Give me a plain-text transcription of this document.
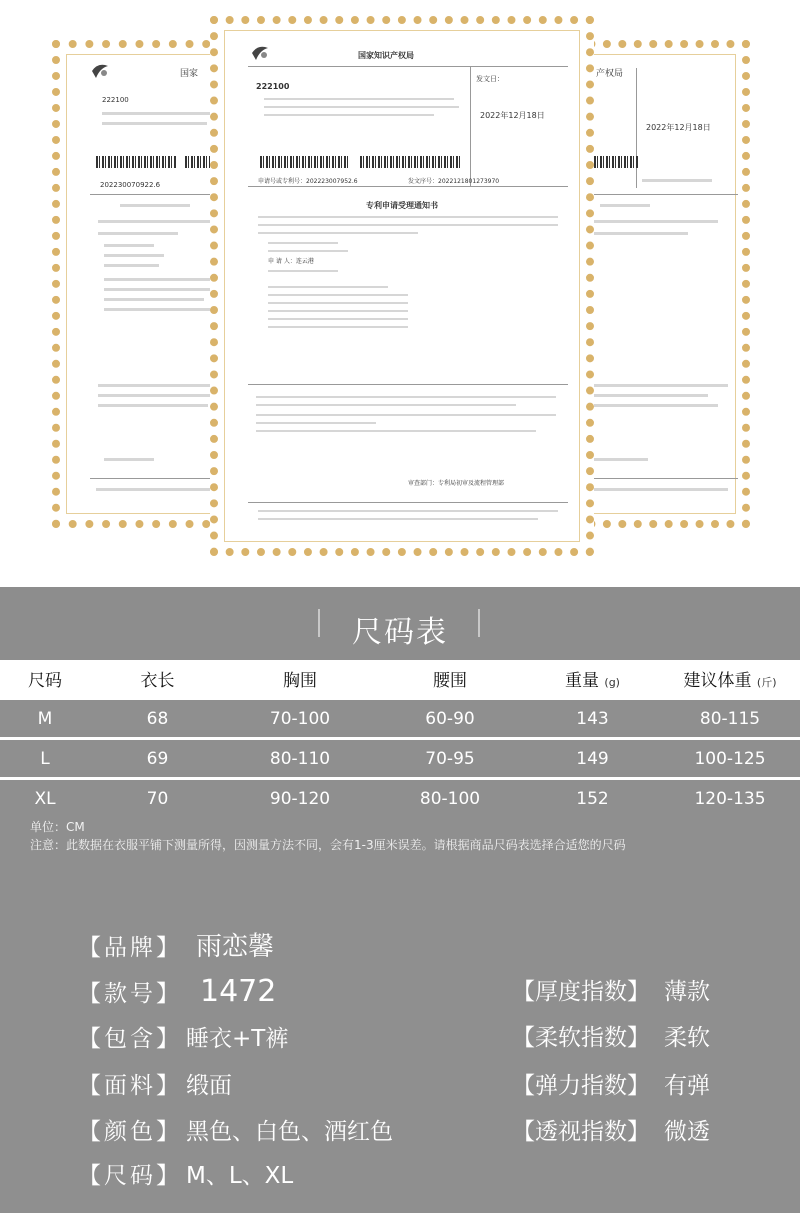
国家
222100
202230070922.6
产权局
2022年12月18日
国家知识产权局
222100
发文日：
2022年12月18日
申请号或专利号：202223007952.6	发文序号：2022121801273970
专利申请受理通知书
申 请 人：连云港
审查部门：专利局初审及流程管理部
尺码表
尺码	衣长	胸围	腰围	重量 (g)	建议体重 (斤)
M	68	70-100	60-90	143	80-115
L	69	80-110	70-95	149	100-125
XL	70	90-120	80-100	152	120-135
单位：CM
注意：此数据在衣服平铺下测量所得，因测量方法不同，会有1-3厘米误差。请根据商品尺码表选择合适您的尺码
【品牌】 雨恋馨
【款号】 1472
【包含】 睡衣+T裤
【面料】 缎面
【颜色】 黑色、白色、酒红色
【尺码】 M、L、XL
【厚度指数】 薄款
【柔软指数】 柔软
【弹力指数】 有弹
【透视指数】 微透
